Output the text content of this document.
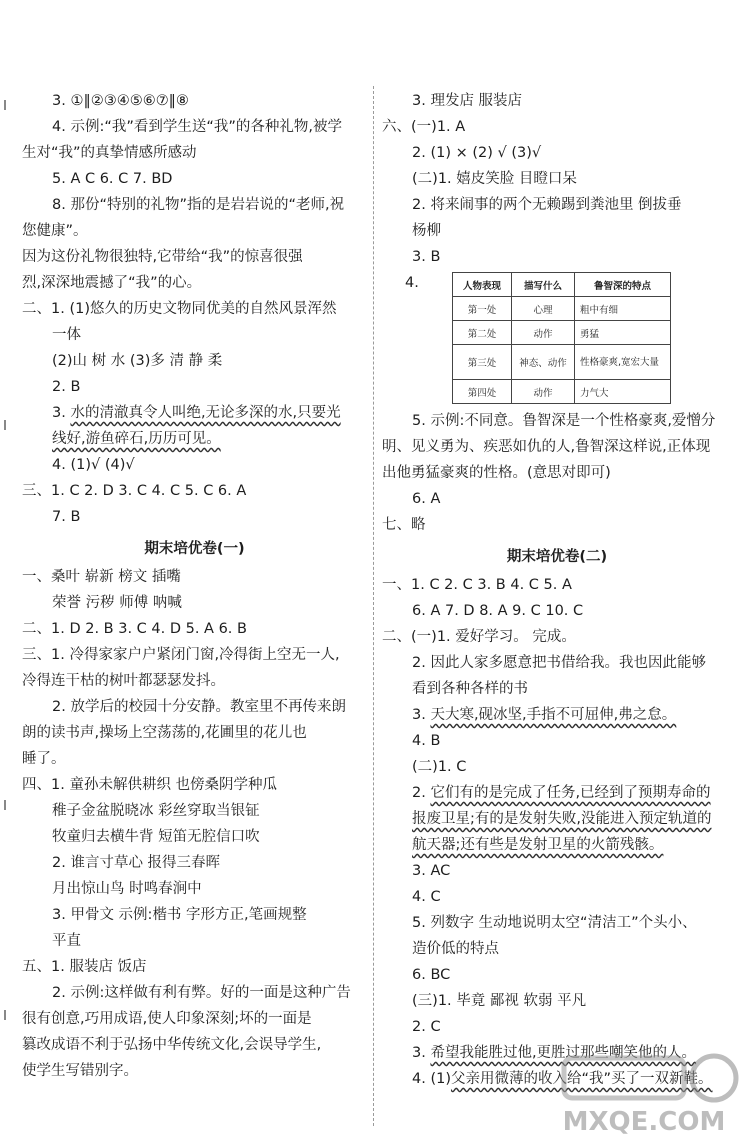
3. ①‖②③④⑤⑥⑦‖⑧
4. 示例:“我”看到学生送“我”的各种礼物,被学
生对“我”的真挚情感所感动
5. A C 6. C 7. BD
8. 那份“特别的礼物”指的是岩岩说的“老师,祝
您健康”。
因为这份礼物很独特,它带给“我”的惊喜很强
烈,深深地震撼了“我”的心。
二、1. (1)悠久的历史文物同优美的自然风景浑然
一体
(2)山 树 水 (3)多 清 静 柔
2. B
3. 水的清澈真令人叫绝,无论多深的水,只要光
线好,游鱼碎石,历历可见。
4. (1)√ (4)√
三、1. C 2. D 3. C 4. C 5. C 6. A
7. B
期末培优卷(一)
一、桑叶 崭新 榜文 插嘴
荣誉 污秽 师傅 呐喊
二、1. D 2. B 3. C 4. D 5. A 6. B
三、1. 冷得家家户户紧闭门窗,冷得街上空无一人,
冷得连干枯的树叶都瑟瑟发抖。
2. 放学后的校园十分安静。教室里不再传来朗
朗的读书声,操场上空荡荡的,花圃里的花儿也
睡了。
四、1. 童孙未解供耕织 也傍桑阴学种瓜
稚子金盆脱晓冰 彩丝穿取当银钲
牧童归去横牛背 短笛无腔信口吹
2. 谁言寸草心 报得三春晖
月出惊山鸟 时鸣春涧中
3. 甲骨文 示例:楷书 字形方正,笔画规整
平直
五、1. 服装店 饭店
2. 示例:这样做有利有弊。好的一面是这种广告
很有创意,巧用成语,使人印象深刻;坏的一面是
篡改成语不利于弘扬中华传统文化,会误导学生,
使学生写错别字。
3. 理发店 服装店
六、(一)1. A
2. (1) × (2) √ (3)√
(二)1. 嬉皮笑脸 目瞪口呆
2. 将来闹事的两个无赖踢到粪池里 倒拔垂
杨柳
3. B
4.	人物表现	描写什么	鲁智深的特点
第一处	心理	粗中有细
第二处	动作	勇猛
第三处	神态、动作	性格豪爽,宽宏大量
第四处	动作	力气大
5. 示例:不同意。鲁智深是一个性格豪爽,爱憎分
明、见义勇为、疾恶如仇的人,鲁智深这样说,正体现
出他勇猛豪爽的性格。(意思对即可)
6. A
七、略
期末培优卷(二)
一、1. C 2. C 3. B 4. C 5. A
6. A 7. D 8. A 9. C 10. C
二、(一)1. 爱好学习。 完成。
2. 因此人家多愿意把书借给我。我也因此能够
看到各种各样的书
3. 天大寒,砚冰坚,手指不可屈伸,弗之怠。
4. B
(二)1. C
2. 它们有的是完成了任务,已经到了预期寿命的
报废卫星;有的是发射失败,没能进入预定轨道的
航天器;还有些是发射卫星的火箭残骸。
3. AC
4. C
5. 列数字 生动地说明太空“清洁工”个头小、
造价低的特点
6. BC
(三)1. 毕竟 鄙视 软弱 平凡
2. C
3. 希望我能胜过他,更胜过那些嘲笑他的人。
4. (1)父亲用微薄的收入给“我”买了一双新鞋。
MXQE.COM
